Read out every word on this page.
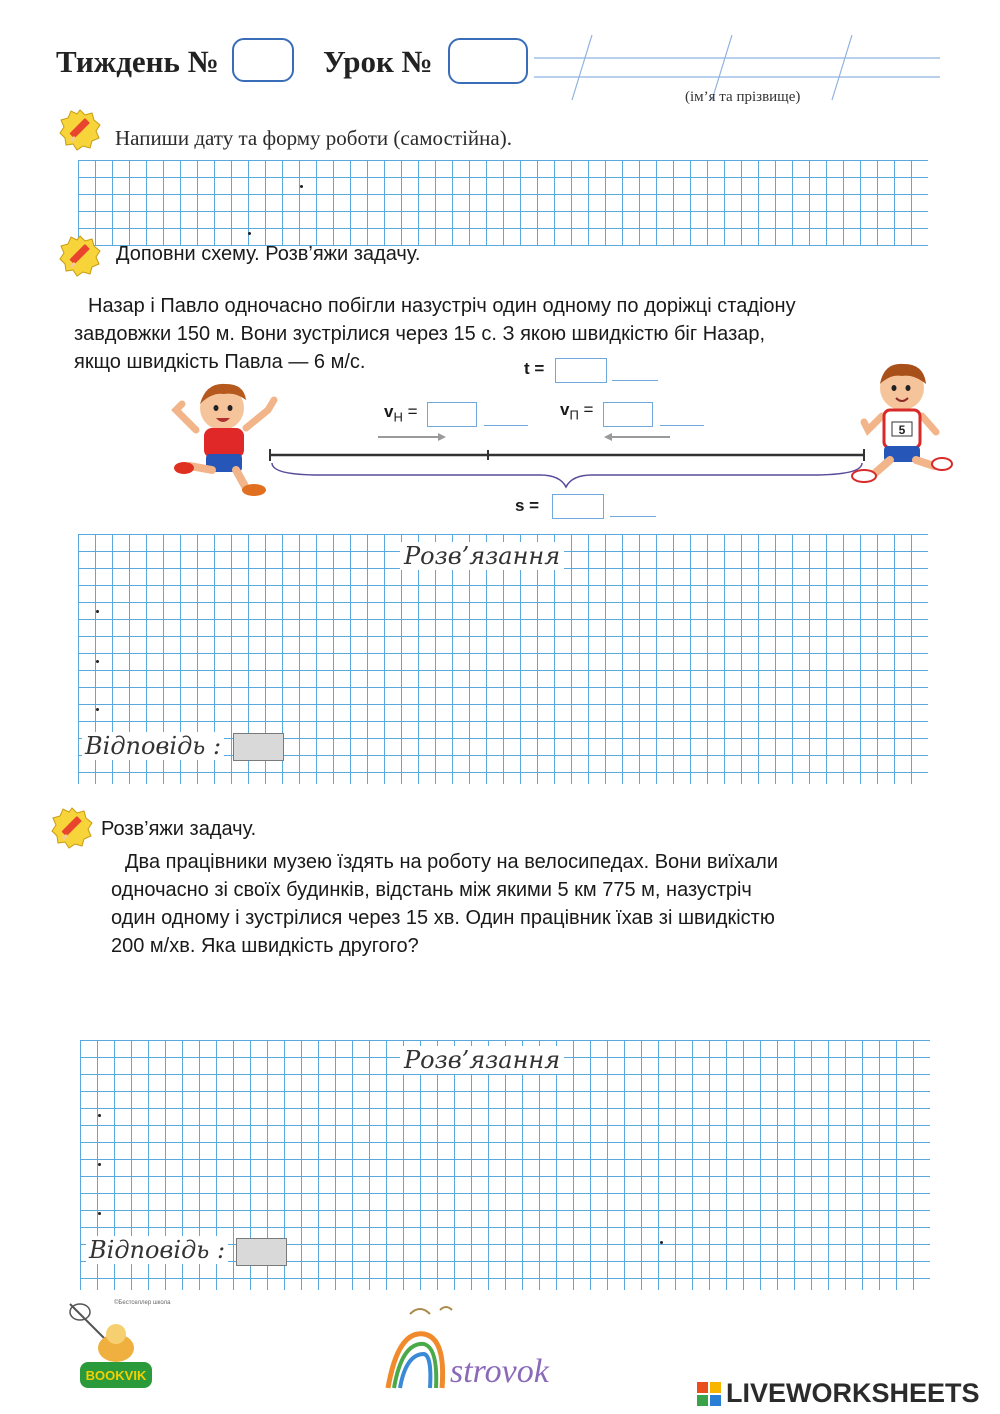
Тиждень №	Урок №
(ім’я та прізвище)
Напиши дату та форму роботи (самостійна).
Доповни схему. Розв’яжи задачу.
Назар і Павло одночасно побігли назустріч один одному по доріжці стадіону
завдовжки 150 м. Вони зустрілися через 15 с. З якою швидкістю біг Назар,
якщо швидкість Павла — 6 м/с.	t =
$v_Н$ =	$v_П$ =
s =
5
Розв’язання
Відповідь :
Розв’яжи задачу.
Два працівники музею їздять на роботу на велосипедах. Вони виїхали
одночасно зі своїх будинків, відстань між якими 5 км 775 м, назустріч
один одному і зустрілися через 15 хв. Один працівник їхав зі швидкістю
200 м/хв. Яка швидкість другого?
Розв’язання
Відповідь :
BOOKVIK
©Бестселлер школа
strovok
O	LIVEWORKSHEETS
